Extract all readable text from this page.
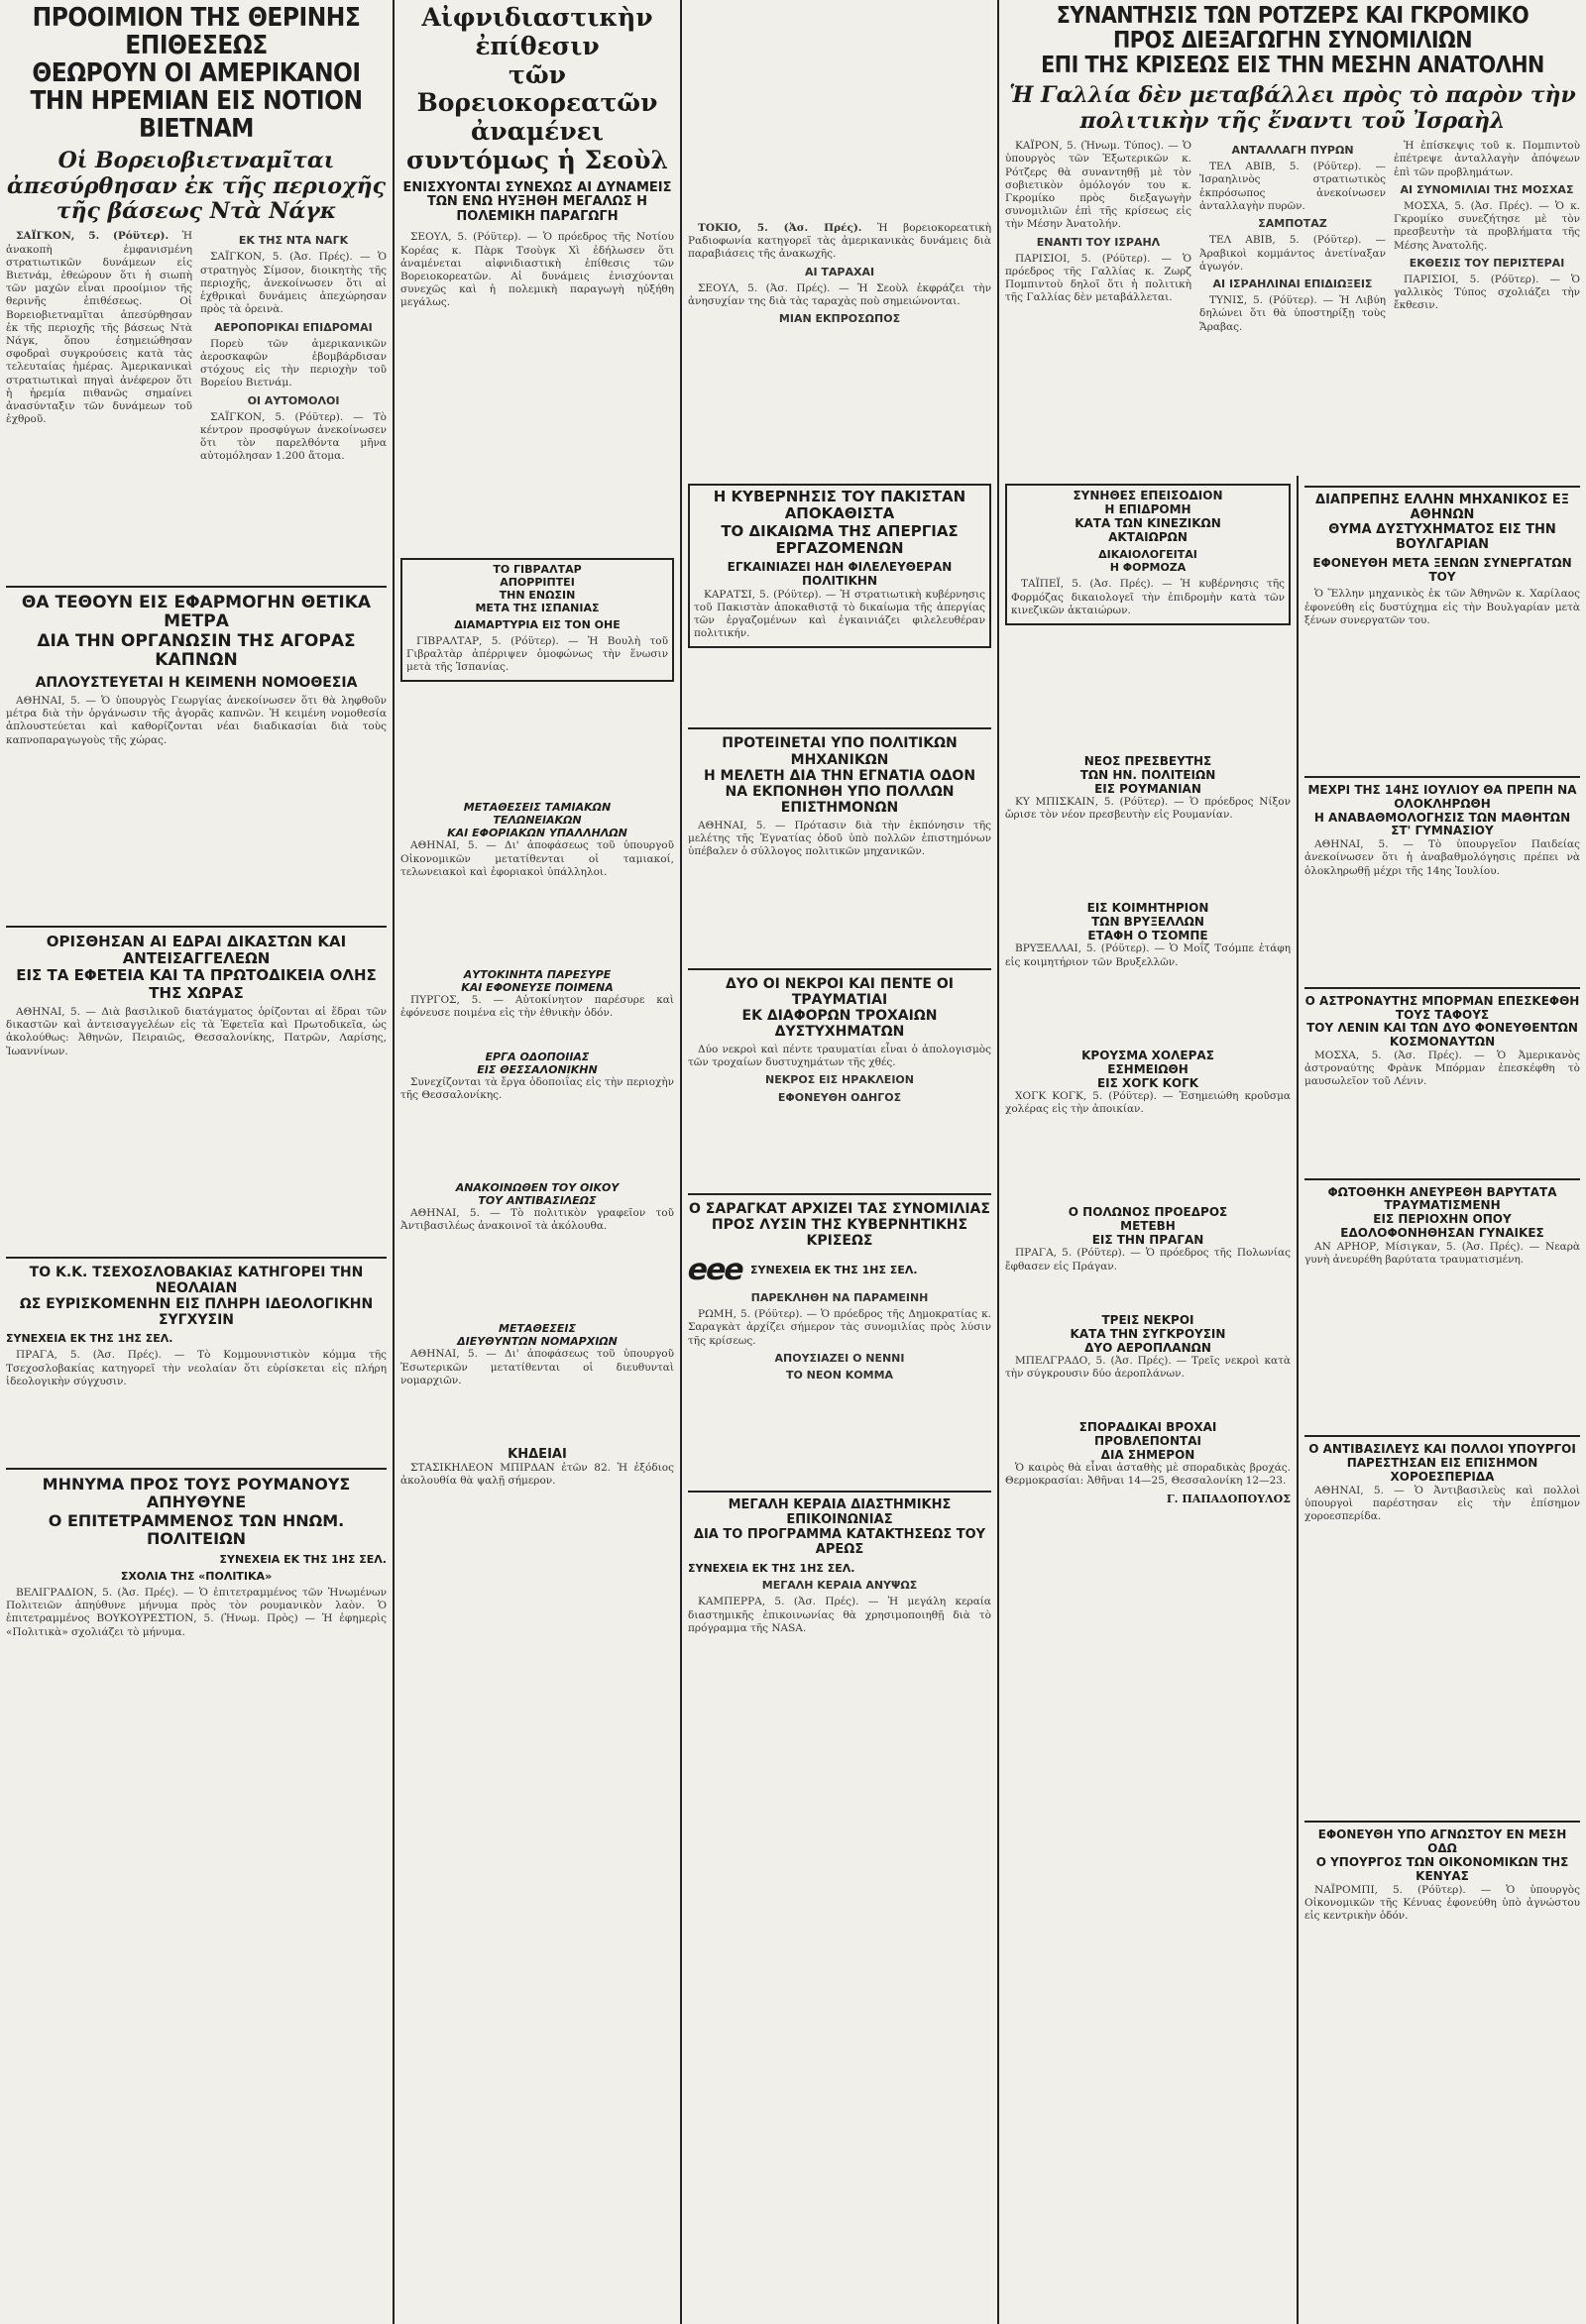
ΠΡΟΟΙΜΙΟΝ ΤΗΣ ΘΕΡΙΝΗΣ ΕΠΙΘΕΣΕΩΣ
ΘΕΩΡΟΥΝ ΟΙ ΑΜΕΡΙΚΑΝΟΙ
ΤΗΝ ΗΡΕΜΙΑΝ ΕΙΣ ΝΟΤΙΟΝ ΒΙΕΤΝΑΜ
Οἱ Βορειοβιετναμῖται ἀπεσύρθησαν ἐκ τῆς περιοχῆς τῆς βάσεως Ντὰ Νάγκ

ΣΑΪΓΚΟΝ, 5. (Ρόϋτερ). Ἡ ἀνακοπὴ ἐμφανισμένη στρατιωτικῶν δυνάμεων εἰς Βιετνάμ, ἐθεώρουν ὅτι ἡ σιωπὴ τῶν μαχῶν εἶναι προοίμιον τῆς θερινῆς ἐπιθέσεως. Οἱ Βορειοβιετναμῖται ἀπεσύρθησαν ἐκ τῆς περιοχῆς τῆς βάσεως Ντὰ Νάγκ, ὅπου ἐσημειώθησαν σφοδραὶ συγκρούσεις κατὰ τὰς τελευταίας ἡμέρας. Ἀμερικανικαὶ στρατιωτικαὶ πηγαὶ ἀνέφερον ὅτι ἡ ἠρεμία πιθανῶς σημαίνει ἀνασύνταξιν τῶν δυνάμεων τοῦ ἐχθροῦ.

ΕΚ ΤΗΣ ΝΤΑ ΝΑΓΚ

ΣΑΪΓΚΟΝ, 5. (Ἀσ. Πρές). — Ὁ στρατηγὸς Σίμσον, διοικητὴς τῆς περιοχῆς, ἀνεκοίνωσεν ὅτι αἱ ἐχθρικαὶ δυνάμεις ἀπεχώρησαν πρὸς τὰ ὀρεινὰ.

ΑΕΡΟΠΟΡΙΚΑΙ ΕΠΙΔΡΟΜΑΙ

Πορεὺ τῶν ἀμερικανικῶν ἀεροσκαφῶν ἐβομβάρδισαν στόχους εἰς τὴν περιοχὴν τοῦ Βορείου Βιετνάμ.

ΟΙ ΑΥΤΟΜΟΛΟΙ

ΣΑΪΓΚΟΝ, 5. (Ρόϋτερ). — Τὸ κέντρον προσφύγων ἀνεκοίνωσεν ὅτι τὸν παρελθόντα μῆνα αὐτομόλησαν 1.200 ἄτομα.

ΘΑ ΤΕΘΟΥΝ ΕΙΣ ΕΦΑΡΜΟΓΗΝ ΘΕΤΙΚΑ ΜΕΤΡΑ
ΔΙΑ ΤΗΝ ΟΡΓΑΝΩΣΙΝ ΤΗΣ ΑΓΟΡΑΣ ΚΑΠΝΩΝ
ΑΠΛΟΥΣΤΕΥΕΤΑΙ Η ΚΕΙΜΕΝΗ ΝΟΜΟΘΕΣΙΑ

ΑΘΗΝΑΙ, 5. — Ὁ ὑπουργὸς Γεωργίας ἀνεκοίνωσεν ὅτι θὰ ληφθοῦν μέτρα διὰ τὴν ὀργάνωσιν τῆς ἀγορᾶς καπνῶν. Ἡ κειμένη νομοθεσία ἀπλουστεύεται καὶ καθορίζονται νέαι διαδικασίαι διὰ τοὺς καπνοπαραγωγοὺς τῆς χώρας.

ΟΡΙΣΘΗΣΑΝ ΑΙ ΕΔΡΑΙ ΔΙΚΑΣΤΩΝ ΚΑΙ ΑΝΤΕΙΣΑΓΓΕΛΕΩΝ
ΕΙΣ ΤΑ ΕΦΕΤΕΙΑ ΚΑΙ ΤΑ ΠΡΩΤΟΔΙΚΕΙΑ ΟΛΗΣ ΤΗΣ ΧΩΡΑΣ

ΑΘΗΝΑΙ, 5. — Διὰ βασιλικοῦ διατάγματος ὁρίζονται αἱ ἕδραι τῶν δικαστῶν καὶ ἀντεισαγγελέων εἰς τὰ Ἐφετεῖα καὶ Πρωτοδικεῖα, ὡς ἀκολούθως: Ἀθηνῶν, Πειραιῶς, Θεσσαλονίκης, Πατρῶν, Λαρίσης, Ἰωαννίνων.

ΤΟ Κ.Κ. ΤΣΕΧΟΣΛΟΒΑΚΙΑΣ ΚΑΤΗΓΟΡΕΙ ΤΗΝ ΝΕΟΛΑΙΑΝ
ΩΣ ΕΥΡΙΣΚΟΜΕΝΗΝ ΕΙΣ ΠΛΗΡΗ ΙΔΕΟΛΟΓΙΚΗΝ ΣΥΓΧΥΣΙΝ
ΣΥΝΕΧΕΙΑ ΕΚ ΤΗΣ 1ΗΣ ΣΕΛ.

ΠΡΑΓΑ, 5. (Ἀσ. Πρές). — Τὸ Κομμουνιστικὸν κόμμα τῆς Τσεχοσλοβακίας κατηγορεῖ τὴν νεολαίαν ὅτι εὑρίσκεται εἰς πλήρη ἰδεολογικὴν σύγχυσιν.

ΜΗΝΥΜΑ ΠΡΟΣ ΤΟΥΣ ΡΟΥΜΑΝΟΥΣ ΑΠΗΥΘΥΝΕ
Ο ΕΠΙΤΕΤΡΑΜΜΕΝΟΣ ΤΩΝ ΗΝΩΜ. ΠΟΛΙΤΕΙΩΝ
ΣΥΝΕΧΕΙΑ ΕΚ ΤΗΣ 1ΗΣ ΣΕΛ.
ΣΧΟΛΙΑ ΤΗΣ «ΠΟΛΙΤΙΚΑ»

ΒΕΛΙΓΡΑΔΙΟΝ, 5. (Ἀσ. Πρές). — Ὁ ἐπιτετραμμένος τῶν Ἡνωμένων Πολιτειῶν ἀπηύθυνε μήνυμα πρὸς τὸν ρουμανικὸν λαὸν. Ὁ ἐπιτετραμμένος ΒΟΥΚΟΥΡΕΣΤΙΟΝ, 5. (Ἠνωμ. Πρὸς) — Ἡ ἐφημερὶς «Πολιτικὰ» σχολιάζει τὸ μήνυμα.

Αἰφνιδιαστικὴν ἐπίθεσιν
τῶν Βορειοκορεατῶν
ἀναμένει συντόμως ἡ Σεοὺλ
ΕΝΙΣΧΥΟΝΤΑΙ ΣΥΝΕΧΩΣ ΑΙ ΔΥΝΑΜΕΙΣ ΤΩΝ ΕΝΩ ΗΥΞΗΘΗ ΜΕΓΑΛΩΣ Η ΠΟΛΕΜΙΚΗ ΠΑΡΑΓΩΓΗ

ΣΕΟΥΛ, 5. (Ρόϋτερ). — Ὁ πρόεδρος τῆς Νοτίου Κορέας κ. Πὰρκ Τσοὺγκ Χὶ ἐδήλωσεν ὅτι ἀναμένεται αἰφνιδιαστικὴ ἐπίθεσις τῶν Βορειοκορεατῶν. Αἱ δυνάμεις ἐνισχύονται συνεχῶς καὶ ἡ πολεμικὴ παραγωγὴ ηὐξήθη μεγάλως.

ΤΟ ΓΙΒΡΑΛΤΑΡ
ΑΠΟΡΡΙΠΤΕΙ
ΤΗΝ ΕΝΩΣΙΝ
ΜΕΤΑ ΤΗΣ ΙΣΠΑΝΙΑΣ
ΔΙΑΜΑΡΤΥΡΙΑ ΕΙΣ ΤΟΝ ΟΗΕ

ΓΙΒΡΑΛΤΑΡ, 5. (Ρόϋτερ). — Ἡ Βουλὴ τοῦ Γιβραλτὰρ ἀπέρριψεν ὁμοφώνως τὴν ἕνωσιν μετὰ τῆς Ἰσπανίας.

ΜΕΤΑΘΕΣΕΙΣ ΤΑΜΙΑΚΩΝ
ΤΕΛΩΝΕΙΑΚΩΝ
ΚΑΙ ΕΦΟΡΙΑΚΩΝ ΥΠΑΛΛΗΛΩΝ

ΑΘΗΝΑΙ, 5. — Δι' ἀποφάσεως τοῦ ὑπουργοῦ Οἰκονομικῶν μετατίθενται οἱ ταμιακοί, τελωνειακοὶ καὶ ἐφοριακοὶ ὑπάλληλοι.

ΑΥΤΟΚΙΝΗΤΑ ΠΑΡΕΣΥΡΕ
ΚΑΙ ΕΦΟΝΕΥΣΕ ΠΟΙΜΕΝΑ

ΠΥΡΓΟΣ, 5. — Αὐτοκίνητον παρέσυρε καὶ ἐφόνευσε ποιμένα εἰς τὴν ἐθνικὴν ὁδόν.

ΕΡΓΑ ΟΔΟΠΟΙΙΑΣ
ΕΙΣ ΘΕΣΣΑΛΟΝΙΚΗΝ

Συνεχίζονται τὰ ἔργα ὁδοποιΐας εἰς τὴν περιοχὴν τῆς Θεσσαλονίκης.

ΑΝΑΚΟΙΝΩΘΕΝ ΤΟΥ ΟΙΚΟΥ
ΤΟΥ ΑΝΤΙΒΑΣΙΛΕΩΣ

ΑΘΗΝΑΙ, 5. — Τὸ πολιτικὸν γραφεῖον τοῦ Ἀντιβασιλέως ἀνακοινοῖ τὰ ἀκόλουθα.

ΜΕΤΑΘΕΣΕΙΣ
ΔΙΕΥΘΥΝΤΩΝ ΝΟΜΑΡΧΙΩΝ

ΑΘΗΝΑΙ, 5. — Δι' ἀποφάσεως τοῦ ὑπουργοῦ Ἐσωτερικῶν μετατίθενται οἱ διευθυνταὶ νομαρχιῶν.

ΚΗΔΕΙΑΙ

ΣΤΑΣΙΚΗΛΕΟΝ ΜΠΙΡΔΑΝ ἐτῶν 82. Ἡ ἐξόδιος ἀκολουθία θὰ ψαλῇ σήμερον.

ΤΟΚΙΟ, 5. (Ἀσ. Πρές). Ἡ βορειοκορεατικὴ Ραδιοφωνία κατηγορεῖ τὰς ἀμερικανικὰς δυνάμεις διὰ παραβιάσεις τῆς ἀνακωχῆς.

ΑΙ ΤΑΡΑΧΑΙ

ΣΕΟΥΛ, 5. (Ἀσ. Πρές). — Ἡ Σεοὺλ ἐκφράζει τὴν ἀνησυχίαν της διὰ τὰς ταραχὰς ποὺ σημειώνονται.

ΜΙΑΝ ΕΚΠΡΟΣΩΠΟΣ
Η ΚΥΒΕΡΝΗΣΙΣ ΤΟΥ ΠΑΚΙΣΤΑΝ ΑΠΟΚΑΘΙΣΤΑ
ΤΟ ΔΙΚΑΙΩΜΑ ΤΗΣ ΑΠΕΡΓΙΑΣ ΕΡΓΑΖΟΜΕΝΩΝ
ΕΓΚΑΙΝΙΑΖΕΙ ΗΔΗ ΦΙΛΕΛΕΥΘΕΡΑΝ ΠΟΛΙΤΙΚΗΝ

ΚΑΡΑΤΣΙ, 5. (Ρόϋτερ). — Ἡ στρατιωτικὴ κυβέρνησις τοῦ Πακιστὰν ἀποκαθιστᾷ τὸ δικαίωμα τῆς ἀπεργίας τῶν ἐργαζομένων καὶ ἐγκαινιάζει φιλελευθέραν πολιτικήν.

ΠΡΟΤΕΙΝΕΤΑΙ ΥΠΟ ΠΟΛΙΤΙΚΩΝ ΜΗΧΑΝΙΚΩΝ
Η ΜΕΛΕΤΗ ΔΙΑ ΤΗΝ ΕΓΝΑΤΙΑ ΟΔΟΝ
ΝΑ ΕΚΠΟΝΗΘΗ ΥΠΟ ΠΟΛΛΩΝ ΕΠΙΣΤΗΜΟΝΩΝ

ΑΘΗΝΑΙ, 5. — Πρότασιν διὰ τὴν ἐκπόνησιν τῆς μελέτης τῆς Ἐγνατίας ὁδοῦ ὑπὸ πολλῶν ἐπιστημόνων ὑπέβαλεν ὁ σύλλογος πολιτικῶν μηχανικῶν.

ΔΥΟ ΟΙ ΝΕΚΡΟΙ ΚΑΙ ΠΕΝΤΕ ΟΙ ΤΡΑΥΜΑΤΙΑΙ
ΕΚ ΔΙΑΦΟΡΩΝ ΤΡΟΧΑΙΩΝ ΔΥΣΤΥΧΗΜΑΤΩΝ

Δύο νεκροὶ καὶ πέντε τραυματίαι εἶναι ὁ ἀπολογισμὸς τῶν τροχαίων δυστυχημάτων τῆς χθές.

ΝΕΚΡΟΣ ΕΙΣ ΗΡΑΚΛΕΙΟΝ
ΕΦΟΝΕΥΘΗ ΟΔΗΓΟΣ
Ο ΣΑΡΑΓΚΑΤ ΑΡΧΙΖΕΙ ΤΑΣ ΣΥΝΟΜΙΛΙΑΣ
ΠΡΟΣ ΛΥΣΙΝ ΤΗΣ ΚΥΒΕΡΝΗΤΙΚΗΣ ΚΡΙΣΕΩΣ
eee ΣΥΝΕΧΕΙΑ ΕΚ ΤΗΣ 1ΗΣ ΣΕΛ.
ΠΑΡΕΚΛΗΘΗ ΝΑ ΠΑΡΑΜΕΙΝΗ

ΡΩΜΗ, 5. (Ρόϋτερ). — Ὁ πρόεδρος τῆς Δημοκρατίας κ. Σαραγκὰτ ἀρχίζει σήμερον τὰς συνομιλίας πρὸς λύσιν τῆς κρίσεως.

ΑΠΟΥΣΙΑΖΕΙ Ο ΝΕΝΝΙ
ΤΟ ΝΕΟΝ ΚΟΜΜΑ
ΜΕΓΑΛΗ ΚΕΡΑΙΑ ΔΙΑΣΤΗΜΙΚΗΣ ΕΠΙΚΟΙΝΩΝΙΑΣ
ΔΙΑ ΤΟ ΠΡΟΓΡΑΜΜΑ ΚΑΤΑΚΤΗΣΕΩΣ ΤΟΥ ΑΡΕΩΣ
ΣΥΝΕΧΕΙΑ ΕΚ ΤΗΣ 1ΗΣ ΣΕΛ.
ΜΕΓΑΛΗ ΚΕΡΑΙΑ ΑΝΥΨΩΣ

ΚΑΜΠΕΡΡΑ, 5. (Ἀσ. Πρές). — Ἡ μεγάλη κεραία διαστημικῆς ἐπικοινωνίας θὰ χρησιμοποιηθῇ διὰ τὸ πρόγραμμα τῆς NASA.

ΣΥΝΑΝΤΗΣΙΣ ΤΩΝ ΡΟΤΖΕΡΣ ΚΑΙ ΓΚΡΟΜΙΚΟ
ΠΡΟΣ ΔΙΕΞΑΓΩΓΗΝ ΣΥΝΟΜΙΛΙΩΝ
ΕΠΙ ΤΗΣ ΚΡΙΣΕΩΣ ΕΙΣ ΤΗΝ ΜΕΣΗΝ ΑΝΑΤΟΛΗΝ
Ἡ Γαλλία δὲν μεταβάλλει πρὸς τὸ παρὸν τὴν πολιτικὴν τῆς ἔναντι τοῦ Ἰσραὴλ

ΚΑΪΡΟΝ, 5. (Ἠνωμ. Τύπος). — Ὁ ὑπουργὸς τῶν Ἐξωτερικῶν κ. Ρότζερς θὰ συναντηθῇ μὲ τὸν σοβιετικὸν ὁμόλογόν του κ. Γκρομίκο πρὸς διεξαγωγὴν συνομιλιῶν ἐπὶ τῆς κρίσεως εἰς τὴν Μέσην Ἀνατολήν.

ΕΝΑΝΤΙ ΤΟΥ ΙΣΡΑΗΛ

ΠΑΡΙΣΙΟΙ, 5. (Ρόϋτερ). — Ὁ πρόεδρος τῆς Γαλλίας κ. Ζωρζ Πομπιντοὺ δηλοῖ ὅτι ἡ πολιτικὴ τῆς Γαλλίας δὲν μεταβάλλεται.

ΑΝΤΑΛΛΑΓΗ ΠΥΡΩΝ

ΤΕΛ ΑΒΙΒ, 5. (Ρόϋτερ). — Ἰσραηλινὸς στρατιωτικὸς ἐκπρόσωπος ἀνεκοίνωσεν ἀνταλλαγὴν πυρῶν.

ΣΑΜΠΟΤΑΖ

ΤΕΛ ΑΒΙΒ, 5. (Ρόϋτερ). — Ἀραβικοὶ κομμάντος ἀνετίναξαν ἀγωγόν.

ΑΙ ΙΣΡΑΗΛΙΝΑΙ ΕΠΙΔΙΩΞΕΙΣ

ΤΥΝΙΣ, 5. (Ρόϋτερ). — Ἡ Λιβύη δηλώνει ὅτι θὰ ὑποστηρίξῃ τοὺς Ἄραβας.

Ἡ ἐπίσκεψις τοῦ κ. Πομπιντοὺ ἐπέτρεψε ἀνταλλαγὴν ἀπόψεων ἐπὶ τῶν προβλημάτων.

ΑΙ ΣΥΝΟΜΙΛΙΑΙ ΤΗΣ ΜΟΣΧΑΣ

ΜΟΣΧΑ, 5. (Ἀσ. Πρές). — Ὁ κ. Γκρομίκο συνεζήτησε μὲ τὸν πρεσβευτὴν τὰ προβλήματα τῆς Μέσης Ἀνατολῆς.

ΕΚΘΕΣΙΣ ΤΟΥ ΠΕΡΙΣΤΕΡΑΙ

ΠΑΡΙΣΙΟΙ, 5. (Ρόϋτερ). — Ὁ γαλλικὸς Τύπος σχολιάζει τὴν ἔκθεσιν.

ΣΥΝΗΘΕΣ ΕΠΕΙΣΟΔΙΟΝ
Η ΕΠΙΔΡΟΜΗ
ΚΑΤΑ ΤΩΝ ΚΙΝΕΖΙΚΩΝ
ΑΚΤΑΙΩΡΩΝ
ΔΙΚΑΙΟΛΟΓΕΙΤΑΙ
Η ΦΟΡΜΟΖΑ

ΤΑΪΠΕΪ, 5. (Ἀσ. Πρές). — Ἡ κυβέρνησις τῆς Φορμόζας δικαιολογεῖ τὴν ἐπιδρομὴν κατὰ τῶν κινεζικῶν ἀκταιώρων.

ΝΕΟΣ ΠΡΕΣΒΕΥΤΗΣ
ΤΩΝ ΗΝ. ΠΟΛΙΤΕΙΩΝ
ΕΙΣ ΡΟΥΜΑΝΙΑΝ

ΚΥ ΜΠΙΣΚΑΙΝ, 5. (Ρόϋτερ). — Ὁ πρόεδρος Νίξον ὤρισε τὸν νέον πρεσβευτὴν εἰς Ρουμανίαν.

ΕΙΣ ΚΟΙΜΗΤΗΡΙΟΝ
ΤΩΝ ΒΡΥΞΕΛΛΩΝ
ΕΤΑΦΗ Ο ΤΣΟΜΠΕ

ΒΡΥΞΕΛΛΑΙ, 5. (Ρόϋτερ). — Ὁ Μοΐζ Τσόμπε ἐτάφη εἰς κοιμητήριον τῶν Βρυξελλῶν.

ΚΡΟΥΣΜΑ ΧΟΛΕΡΑΣ
ΕΣΗΜΕΙΩΘΗ
ΕΙΣ ΧΟΓΚ ΚΟΓΚ

ΧΟΓΚ ΚΟΓΚ, 5. (Ρόϋτερ). — Ἐσημειώθη κροῦσμα χολέρας εἰς τὴν ἀποικίαν.

Ο ΠΟΛΩΝΟΣ ΠΡΟΕΔΡΟΣ
ΜΕΤΕΒΗ
ΕΙΣ ΤΗΝ ΠΡΑΓΑΝ

ΠΡΑΓΑ, 5. (Ρόϋτερ). — Ὁ πρόεδρος τῆς Πολωνίας ἔφθασεν εἰς Πράγαν.

ΤΡΕΙΣ ΝΕΚΡΟΙ
ΚΑΤΑ ΤΗΝ ΣΥΓΚΡΟΥΣΙΝ
ΔΥΟ ΑΕΡΟΠΛΑΝΩΝ

ΜΠΕΛΓΡΑΔΟ, 5. (Ἀσ. Πρές). — Τρεῖς νεκροὶ κατὰ τὴν σύγκρουσιν δύο ἀεροπλάνων.

ΣΠΟΡΑΔΙΚΑΙ ΒΡΟΧΑΙ
ΠΡΟΒΛΕΠΟΝΤΑΙ
ΔΙΑ ΣΗΜΕΡΟΝ

Ὁ καιρὸς θὰ εἶναι ἀσταθὴς μὲ σποραδικὰς βροχάς. Θερμοκρασίαι: Ἀθῆναι 14—25, Θεσσαλονίκη 12—23.

Γ. ΠΑΠΑΔΟΠΟΥΛΟΣ
ΔΙΑΠΡΕΠΗΣ ΕΛΛΗΝ ΜΗΧΑΝΙΚΟΣ ΕΞ ΑΘΗΝΩΝ
ΘΥΜΑ ΔΥΣΤΥΧΗΜΑΤΟΣ ΕΙΣ ΤΗΝ ΒΟΥΛΓΑΡΙΑΝ
ΕΦΟΝΕΥΘΗ ΜΕΤΑ ΞΕΝΩΝ ΣΥΝΕΡΓΑΤΩΝ ΤΟΥ

Ὁ Ἕλλην μηχανικὸς ἐκ τῶν Ἀθηνῶν κ. Χαρίλαος ἐφονεύθη εἰς δυστύχημα εἰς τὴν Βουλγαρίαν μετὰ ξένων συνεργατῶν του.

ΜΕΧΡΙ ΤΗΣ 14ΗΣ ΙΟΥΛΙΟΥ ΘΑ ΠΡΕΠΗ ΝΑ ΟΛΟΚΛΗΡΩΘΗ
Η ΑΝΑΒΑΘΜΟΛΟΓΗΣΙΣ ΤΩΝ ΜΑΘΗΤΩΝ ΣΤ' ΓΥΜΝΑΣΙΟΥ

ΑΘΗΝΑΙ, 5. — Τὸ ὑπουργεῖον Παιδείας ἀνεκοίνωσεν ὅτι ἡ ἀναβαθμολόγησις πρέπει νὰ ὁλοκληρωθῇ μέχρι τῆς 14ης Ἰουλίου.

Ο ΑΣΤΡΟΝΑΥΤΗΣ ΜΠΟΡΜΑΝ ΕΠΕΣΚΕΦΘΗ ΤΟΥΣ ΤΑΦΟΥΣ
ΤΟΥ ΛΕΝΙΝ ΚΑΙ ΤΩΝ ΔΥΟ ΦΟΝΕΥΘΕΝΤΩΝ ΚΟΣΜΟΝΑΥΤΩΝ

ΜΟΣΧΑ, 5. (Ἀσ. Πρές). — Ὁ Ἀμερικανὸς ἀστροναύτης Φρὰνκ Μπόρμαν ἐπεσκέφθη τὸ μαυσωλεῖον τοῦ Λένιν.

ΦΩΤΟΘΗΚΗ ΑΝΕΥΡΕΘΗ ΒΑΡΥΤΑΤΑ ΤΡΑΥΜΑΤΙΣΜΕΝΗ
ΕΙΣ ΠΕΡΙΟΧΗΝ ΟΠΟΥ ΕΔΟΛΟΦΟΝΗΘΗΣΑΝ ΓΥΝΑΙΚΕΣ

ΑΝ ΑΡΗΟΡ, Μίσιγκαν, 5. (Ἀσ. Πρές). — Νεαρὰ γυνὴ ἀνευρέθη βαρύτατα τραυματισμένη.

Ο ΑΝΤΙΒΑΣΙΛΕΥΣ ΚΑΙ ΠΟΛΛΟΙ ΥΠΟΥΡΓΟΙ
ΠΑΡΕΣΤΗΣΑΝ ΕΙΣ ΕΠΙΣΗΜΟΝ ΧΟΡΟΕΣΠΕΡΙΔΑ

ΑΘΗΝΑΙ, 5. — Ὁ Ἀντιβασιλεὺς καὶ πολλοὶ ὑπουργοὶ παρέστησαν εἰς τὴν ἐπίσημον χοροεσπερίδα.

ΕΦΟΝΕΥΘΗ ΥΠΟ ΑΓΝΩΣΤΟΥ ΕΝ ΜΕΣΗ ΟΔΩ
Ο ΥΠΟΥΡΓΟΣ ΤΩΝ ΟΙΚΟΝΟΜΙΚΩΝ ΤΗΣ ΚΕΝΥΑΣ

ΝΑΪΡΟΜΠΙ, 5. (Ρόϋτερ). — Ὁ ὑπουργὸς Οἰκονομικῶν τῆς Κένυας ἐφονεύθη ὑπὸ ἀγνώστου εἰς κεντρικὴν ὁδόν.
